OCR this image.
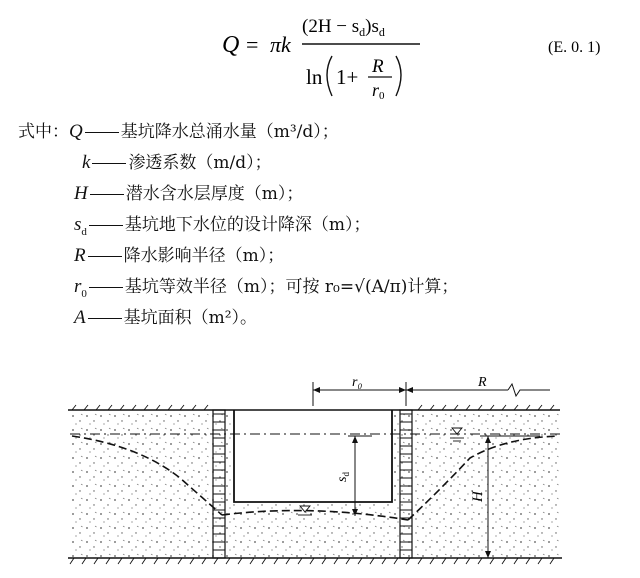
Q = πk
$(2H - s_d)s_d$
ln 1+ R
r0
(E. 0. 1)
式中：Q 基坑降水总涌水量（m³/d）；
k 渗透系数（m/d）；
H 潜水含水层厚度（m）；
$s_d$ 基坑地下水位的设计降深（m）；
R 降水影响半径（m）；
$r_0$ 基坑等效半径（m）；可按 r₀=√(A/π)计算；
A 基坑面积（m²）。
r₀	R
$s_d$
H
